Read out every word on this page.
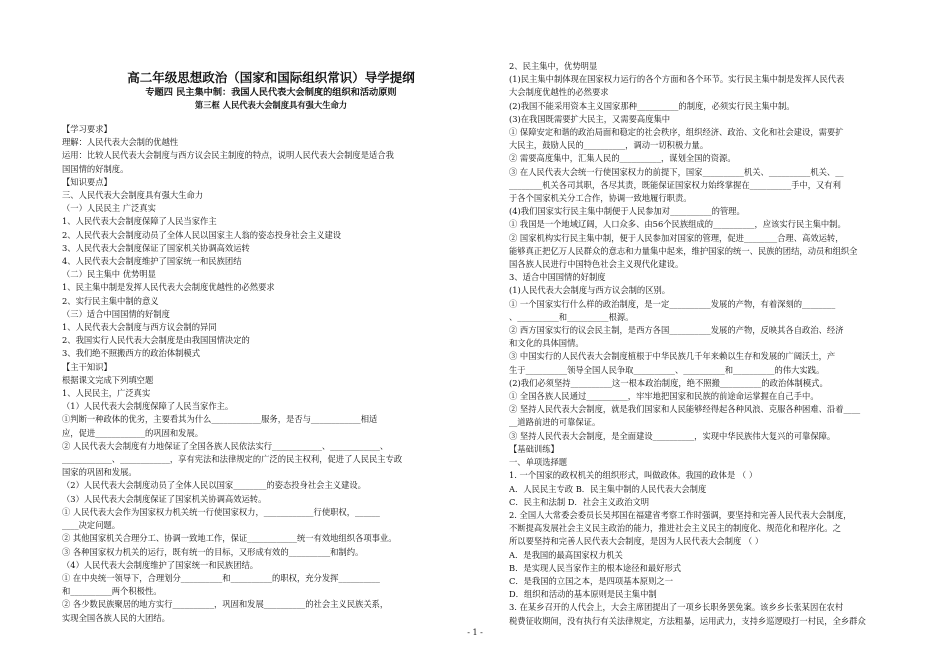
高二年级思想政治（国家和国际组织常识）导学提纲

专题四 民主集中制：我国人民代表大会制度的组织和活动原则

第三框 人民代表大会制度具有强大生命力

【学习要求】

理解：人民代表大会制的优越性

运用：比较人民代表大会制度与西方议会民主制度的特点，说明人民代表大会制度是适合我

国国情的好制度。

【知识要点】

三、人民代表大会制度具有强大生命力

（一）人民民主 广泛真实

1、人民代表大会制度保障了人民当家作主

2、人民代表大会制度动员了全体人民以国家主人翁的姿态投身社会主义建设

3、人民代表大会制度保证了国家机关协调高效运转

4、人民代表大会制度维护了国家统一和民族团结

（二）民主集中 优势明显

1、民主集中制是发挥人民代表大会制度优越性的必然要求

2、实行民主集中制的意义

（三）适合中国国情的好制度

1、人民代表大会制度与西方议会制的异同

2、我国实行人民代表大会制度是由我国国情决定的

3、我们绝不照搬西方的政治体制模式

【主干知识】

根据课文完成下列填空题

1、人民民主，广泛真实

（1）人民代表大会制度保障了人民当家作主。

①判断一种政体的优劣，主要看其为什么____________服务，是否与____________相适

应，促进____________的巩固和发展。

② 人民代表大会制度有力地保证了全国各族人民依法实行____________、____________、

____________、____________，享有宪法和法律规定的广泛的民主权利，促进了人民民主专政

国家的巩固和发展。

（2）人民代表大会制度动员了全体人民以国家________的姿态投身社会主义建设。

（3）人民代表大会制度保证了国家机关协调高效运转。

① 人民代表大会作为国家权力机关统一行使国家权力，____________行使职权，______

____决定问题。

② 其他国家机关合理分工、协调一致地工作，保证____________统一有效地组织各项事业。

③ 各种国家权力机关的运行，既有统一的目标，又形成有效的__________和制约。

（4）人民代表大会制度维护了国家统一和民族团结。

① 在中央统一领导下，合理划分__________和__________的职权，充分发挥__________

和__________两个积极性。

② 各少数民族聚居的地方实行__________，巩固和发展__________的社会主义民族关系，

实现全国各族人民的大团结。

2、民主集中，优势明显

(1)民主集中制体现在国家权力运行的各个方面和各个环节。实行民主集中制是发挥人民代表

大会制度优越性的必然要求

(2)我国不能采用资本主义国家那种__________的制度，必须实行民主集中制。

(3)在我国既需要扩大民主，又需要高度集中

① 保障安定和谐的政治局面和稳定的社会秩序，组织经济、政治、文化和社会建设，需要扩

大民主，鼓励人民的__________，调动一切积极力量。

② 需要高度集中，汇集人民的__________，谋划全国的资源。

③ 在人民代表大会统一行使国家权力的前提下，国家__________机关、__________机关、__

________机关各司其职，各尽其责，既能保证国家权力始终掌握在__________手中，又有利

于各个国家机关分工合作，协调一致地履行职责。

(4)我们国家实行民主集中制便于人民参加对__________的管理。

① 我国是一个地域辽阔，人口众多、由56个民族组成的__________，应该实行民主集中制。

② 国家机构实行民主集中制，便于人民参加对国家的管理，促进________合理、高效运转，

能够真正把亿万人民群众的意志和力量集中起来，维护国家的统一、民族的团结，动员和组织全

国各族人民进行中国特色社会主义现代化建设。

3、适合中国国情的好制度

(1)人民代表大会制度与西方议会制的区别。

① 一个国家实行什么样的政治制度，是一定__________发展的产物，有着深刻的________

、__________和__________根源。

② 西方国家实行的议会民主制，是西方各国__________发展的产物，反映其各自政治、经济

和文化的具体国情。

③ 中国实行的人民代表大会制度植根于中华民族几千年来赖以生存和发展的广阔沃土，产

生于__________领导全国人民争取__________、__________和__________的伟大实践。

(2)我们必须坚持__________这一根本政治制度，绝不照搬__________的政治体制模式。

① 全国各族人民通过__________，牢牢地把国家和民族的前途命运掌握在自己手中。

② 坚持人民代表大会制度，就是我们国家和人民能够经得起各种风浪、克服各种困难、沿着____

__道路前进的可靠保证。

③ 坚持人民代表大会制度，是全面建设__________，实现中华民族伟大复兴的可靠保障。

【基础训练】

一、单项选择题

1. 一个国家的政权机关的组织形式，叫做政体。我国的政体是 （ ）

A．人民民主专政 B．民主集中制的人民代表大会制度

C．民主和法制 D．社会主义政治文明

2. 全国人大常委会委员长吴邦国在福建省考察工作时强调，要坚持和完善人民代表大会制度，

不断提高发展社会主义民主政治的能力，推进社会主义民主的制度化、规范化和程序化。之

所以要坚持和完善人民代表大会制度，是因为人民代表大会制度 （ ）

A．是我国的最高国家权力机关

B．是实现人民当家作主的根本途径和最好形式

C．是我国的立国之本，是四项基本原则之一

D．组织和活动的基本原则是民主集中制

3. 在某乡召开的人代会上，大会主席团提出了一项乡长职务罢免案。该乡乡长张某因在农村

税费征收期间，没有执行有关法律规定，方法粗暴，运用武力，支持乡巡逻殴打一村民，全乡群众

- 1 -
